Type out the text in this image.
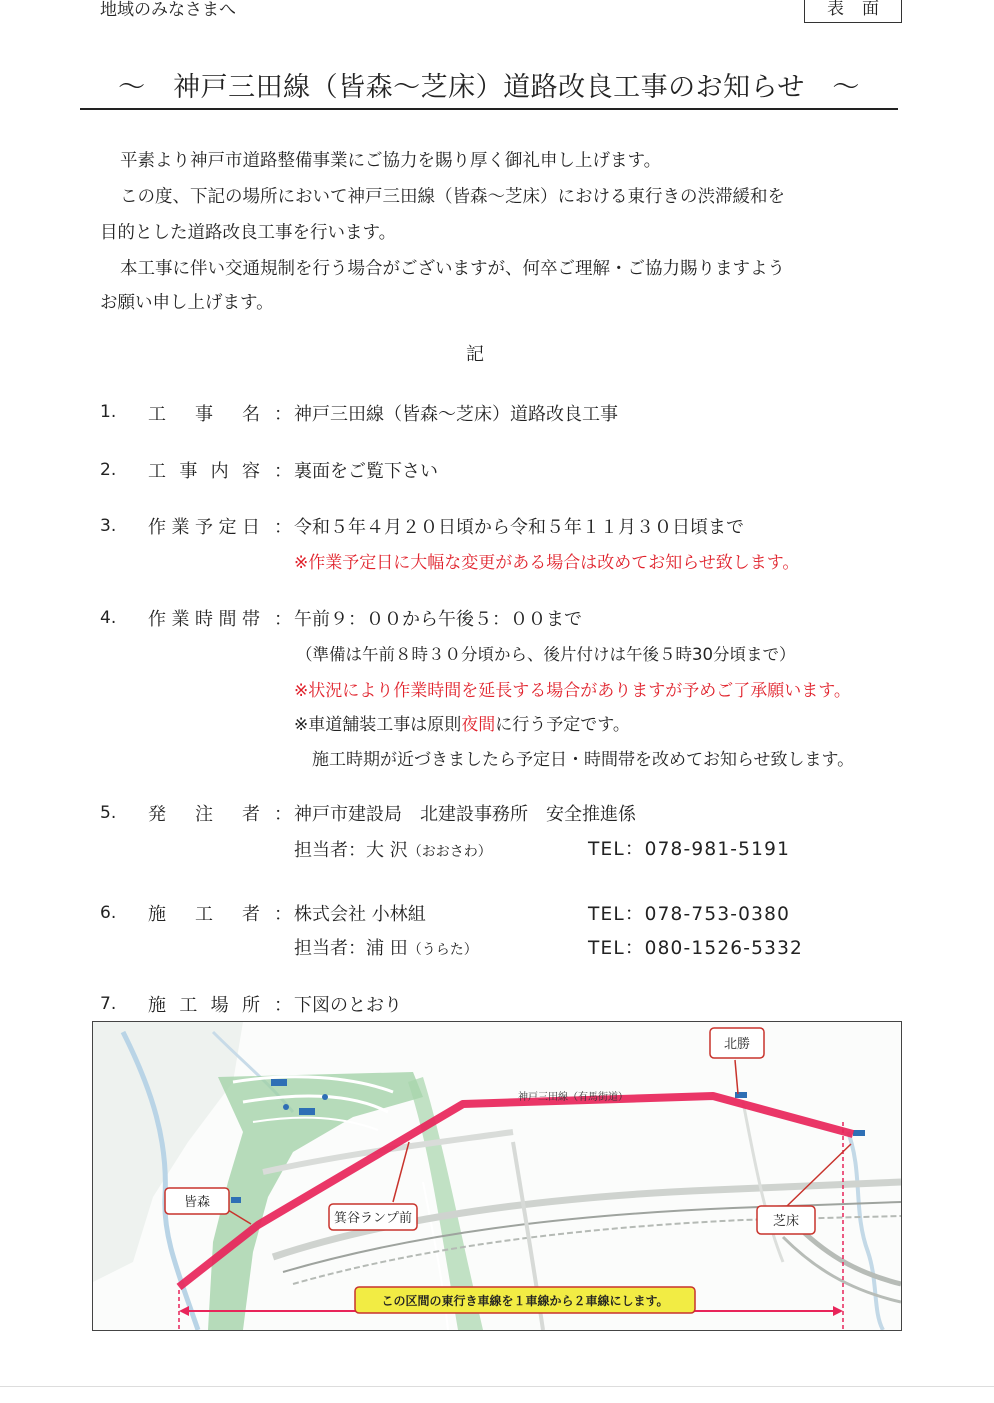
地域のみなさまへ	表面
～　神戸三田線（皆森～芝床）道路改良工事のお知らせ　～
平素より神戸市道路整備事業にご協力を賜り厚く御礼申し上げます。
この度、下記の場所において神戸三田線（皆森～芝床）における東行きの渋滞緩和を
目的とした道路改良工事を行います。
本工事に伴い交通規制を行う場合がございますが、何卒ご理解・ご協力賜りますよう
お願い申し上げます。
記
1. 工 事 名 ： 神戸三田線（皆森～芝床）道路改良工事
2. 工 事 内 容 ： 裏面をご覧下さい
3. 作 業 予 定 日 ： 令和５年４月２０日頃から令和５年１１月３０日頃まで
※作業予定日に大幅な変更がある場合は改めてお知らせ致します。
4. 作 業 時 間 帯 ： 午前９：００から午後５：００まで
（準備は午前８時３０分頃から、後片付けは午後５時30分頃まで）
※状況により作業時間を延長する場合がありますが予めご了承願います。
※車道舗装工事は原則夜間に行う予定です。
施工時期が近づきましたら予定日・時間帯を改めてお知らせ致します。
5. 発 注 者 ： 神戸市建設局　北建設事務所　安全推進係
担当者：大 沢（おおさわ）	TEL：078-981-5191
6. 施 工 者 ： 株式会社 小林組	TEL：078-753-0380
担当者：浦 田（うらた）	TEL：080-1526-5332
7. 施 工 場 所 ： 下図のとおり
皆森
箕谷ランプ前
北勝
芝床
神戸三田線（有馬街道）
この区間の東行き車線を１車線から２車線にします。
